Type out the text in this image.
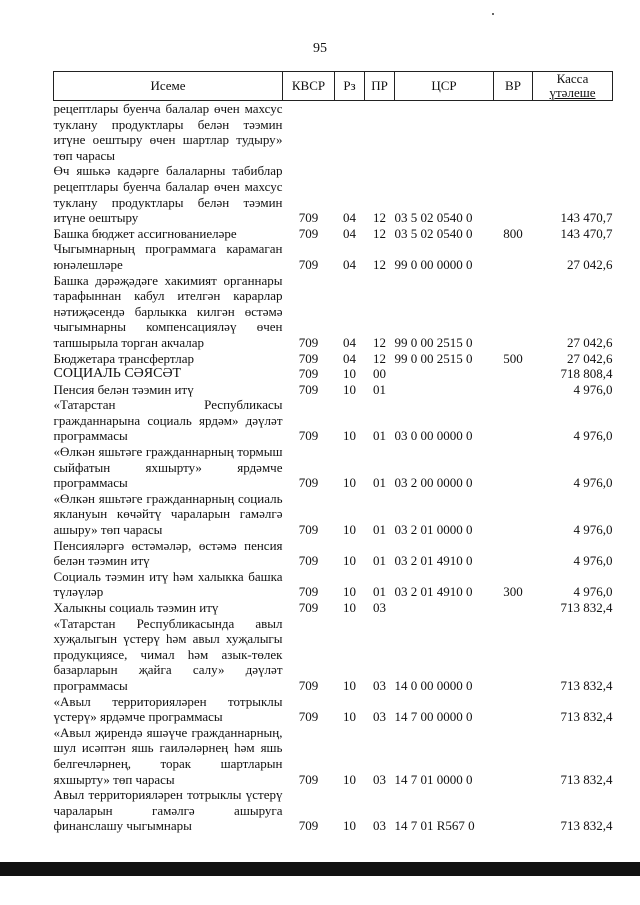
95
Исеме	КВСР	Рз	ПР	ЦСР	ВР	Касса
үтәлеше

рецептлары буенча балалар өчен махсус туклану продуктлары белән тәэмин итүне оештыру өчен шартлар тудыру» төп чарасы						
Өч яшькә кадәрге балаларны табиблар рецептлары буенча балалар өчен махсус туклану продуктлары белән тәэмин итүне оештыру	709	04	12	03 5 02 0540 0		143 470,7
Башка бюджет ассигнованиеләре	709	04	12	03 5 02 0540 0	800	143 470,7
Чыгымнарның программага карамаган юнәлешләре	709	04	12	99 0 00 0000 0		27 042,6
Башка дәрәҗәдәге хакимият органнары тарафыннан кабул ителгән карарлар нәтиҗәсендә барлыкка килгән өстәмә чыгымнарны компенсацияләү өчен тапшырыла торган акчалар	709	04	12	99 0 00 2515 0		27 042,6
Бюджетара трансфертлар	709	04	12	99 0 00 2515 0	500	27 042,6
СОЦИАЛЬ СӘЯСӘТ	709	10	00			718 808,4
Пенсия белән тәэмин итү	709	10	01			4 976,0
«Татарстан Республикасы гражданнарына социаль ярдәм» дәүләт программасы	709	10	01	03 0 00 0000 0		4 976,0
«Өлкән яшьтәге гражданнарның тормыш сыйфатын яхшырту» ярдәмче программасы	709	10	01	03 2 00 0000 0		4 976,0
«Өлкән яшьтәге гражданнарның социаль яклануын көчәйтү чараларын гамәлгә ашыру» төп чарасы	709	10	01	03 2 01 0000 0		4 976,0
Пенсияләргә өстәмәләр, өстәмә пенсия белән тәэмин итү	709	10	01	03 2 01 4910 0		4 976,0
Социаль тәэмин итү һәм халыкка башка түләүләр	709	10	01	03 2 01 4910 0	300	4 976,0
Халыкны социаль тәэмин итү	709	10	03			713 832,4
«Татарстан Республикасында авыл хуҗалыгын үстерү һәм авыл хуҗалыгы продукциясе, чимал һәм азык-төлек базарларын җайга салу» дәүләт программасы	709	10	03	14 0 00 0000 0		713 832,4
«Авыл территорияләрен тотрыклы үстерү» ярдәмче программасы	709	10	03	14 7 00 0000 0		713 832,4
«Авыл җирендә яшәүче гражданнарның, шул исәптән яшь гаиләләрнең һәм яшь белгечләрнең, торак шартларын яхшырту» төп чарасы	709	10	03	14 7 01 0000 0		713 832,4
Авыл территорияләрен тотрыклы үстерү чараларын гамәлгә ашыруга финанслашу чыгымнары	709	10	03	14 7 01 R567 0		713 832,4
